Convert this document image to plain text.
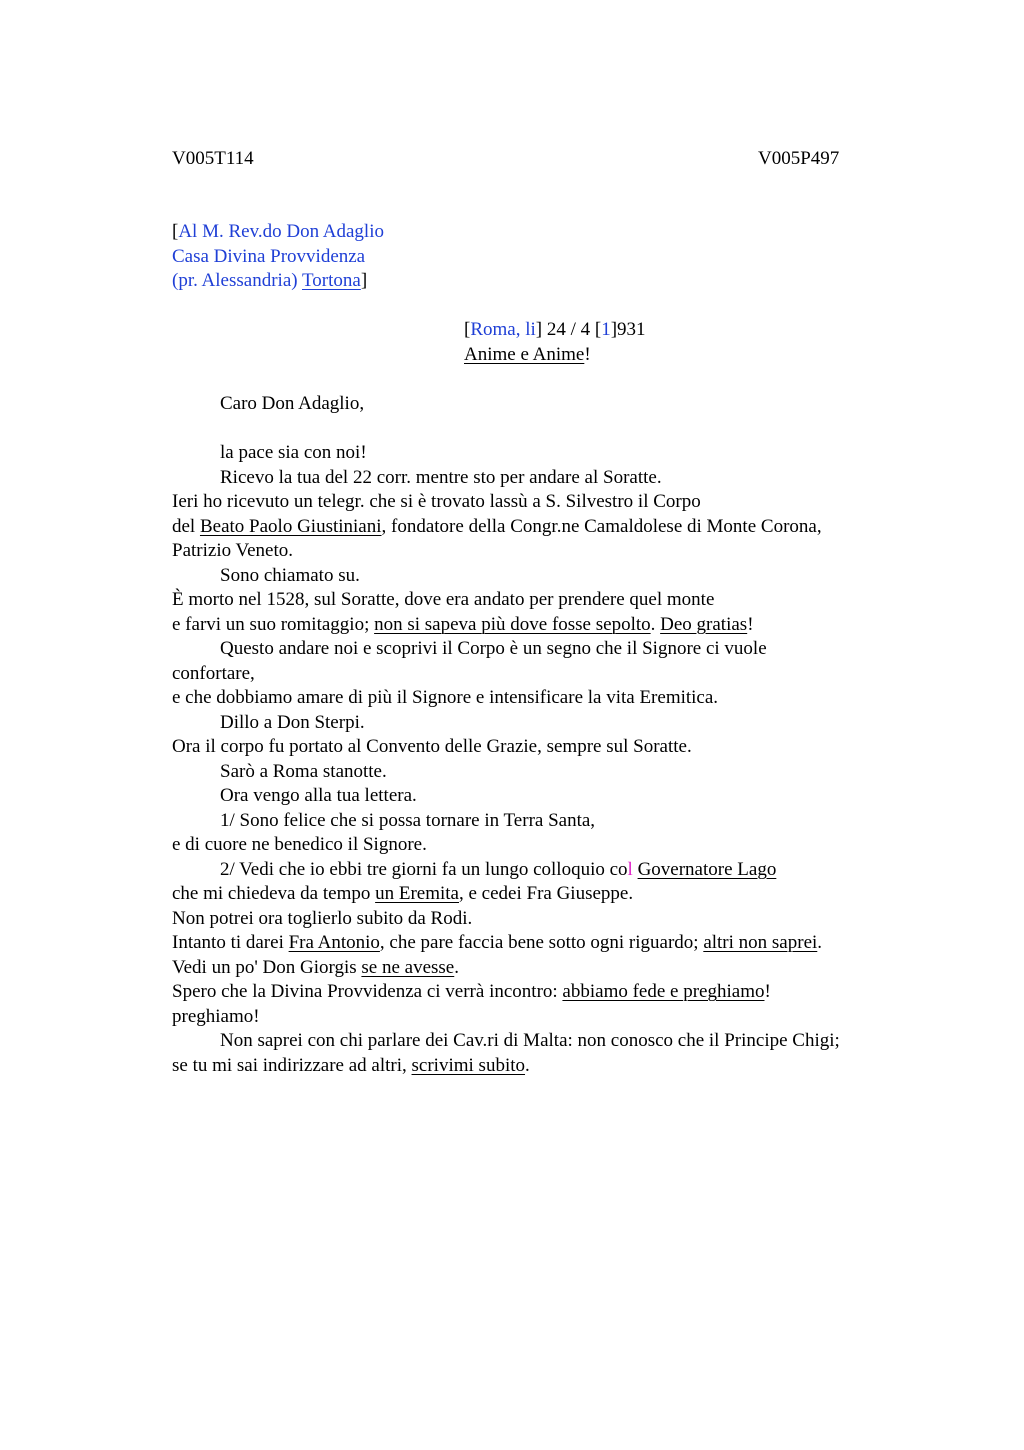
V005T114	V005P497
[Al M. Rev.do Don Adaglio
Casa Divina Provvidenza
(pr. Alessandria) Tortona]
[Roma, li] 24 / 4 [1]931
Anime e Anime!
Caro Don Adaglio,
la pace sia con noi!
Ricevo la tua del 22 corr. mentre sto per andare al Soratte.
Ieri ho ricevuto un telegr. che si è trovato lassù a S. Silvestro il Corpo
del Beato Paolo Giustiniani, fondatore della Congr.ne Camaldolese di Monte Corona,
Patrizio Veneto.
Sono chiamato su.
È morto nel 1528, sul Soratte, dove era andato per prendere quel monte
e farvi un suo romitaggio; non si sapeva più dove fosse sepolto. Deo gratias!
Questo andare noi e scoprivi il Corpo è un segno che il Signore ci vuole
confortare,
e che dobbiamo amare di più il Signore e intensificare la vita Eremitica.
Dillo a Don Sterpi.
Ora il corpo fu portato al Convento delle Grazie, sempre sul Soratte.
Sarò a Roma stanotte.
Ora vengo alla tua lettera.
1/ Sono felice che si possa tornare in Terra Santa,
e di cuore ne benedico il Signore.
2/ Vedi che io ebbi tre giorni fa un lungo colloquio col Governatore Lago
che mi chiedeva da tempo un Eremita, e cedei Fra Giuseppe.
Non potrei ora toglierlo subito da Rodi.
Intanto ti darei Fra Antonio, che pare faccia bene sotto ogni riguardo; altri non saprei.
Vedi un po' Don Giorgis se ne avesse.
Spero che la Divina Provvidenza ci verrà incontro: abbiamo fede e preghiamo!
preghiamo!
Non saprei con chi parlare dei Cav.ri di Malta: non conosco che il Principe Chigi;
se tu mi sai indirizzare ad altri, scrivimi subito.
